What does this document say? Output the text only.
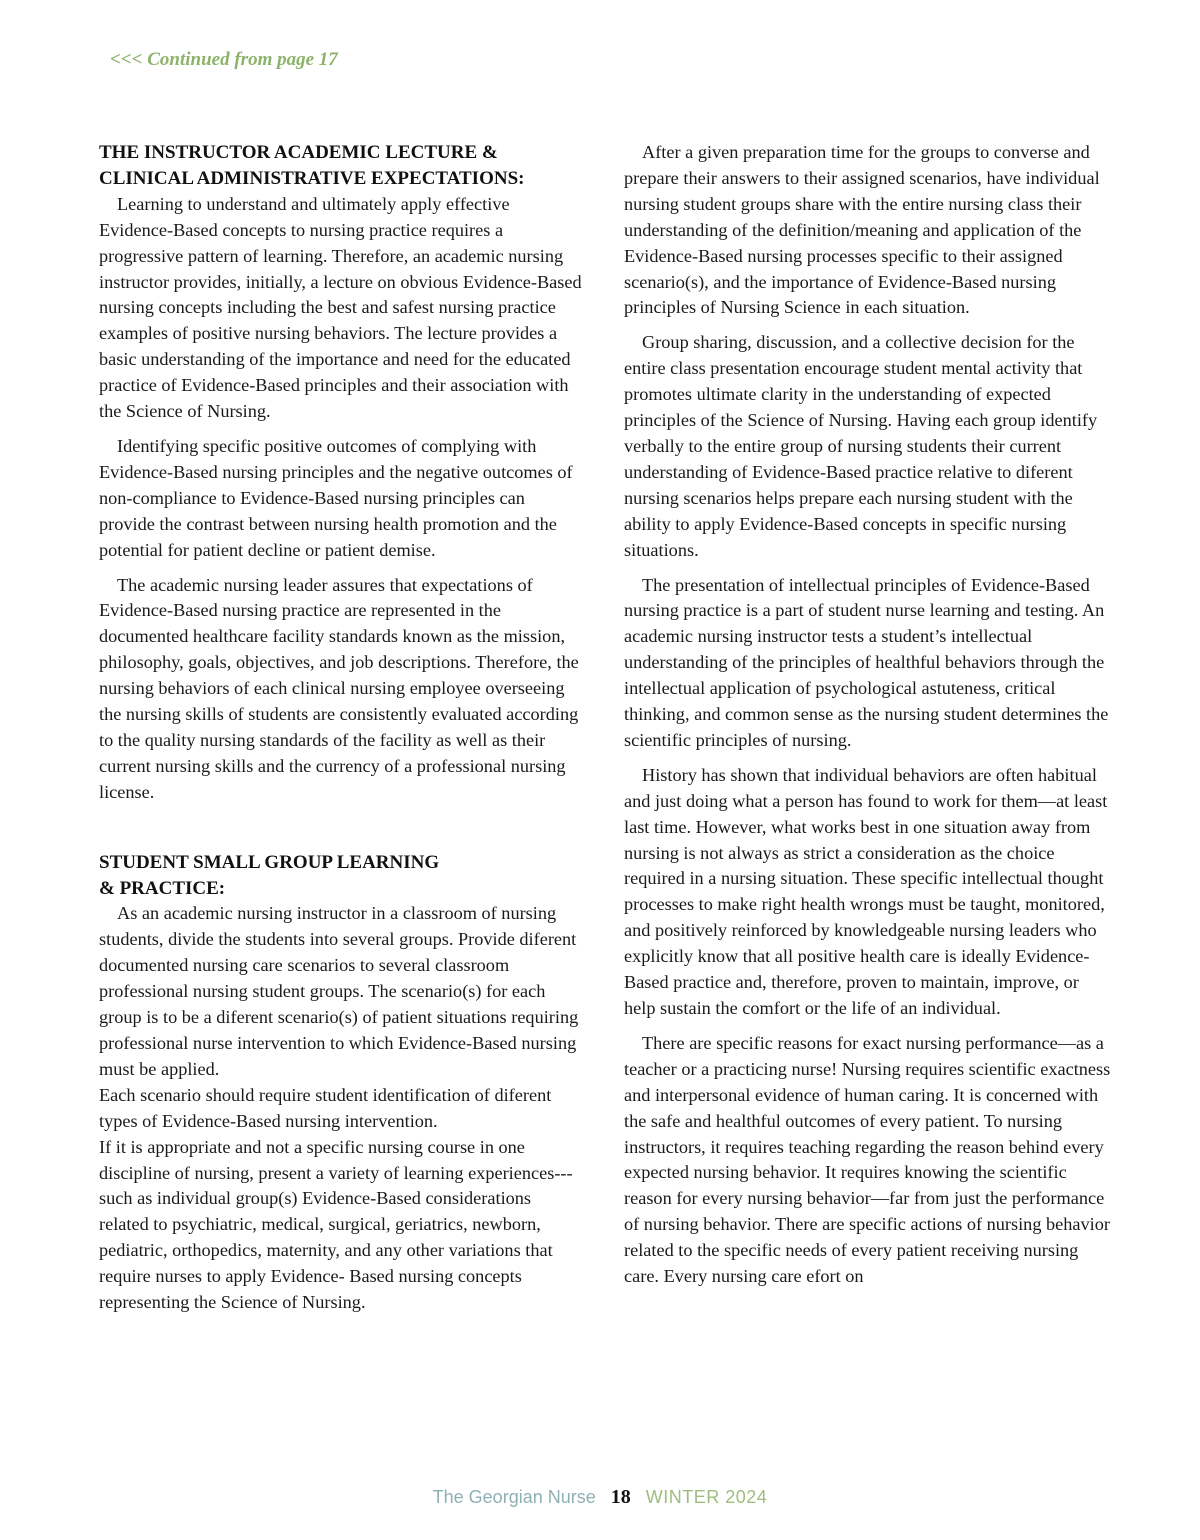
<<< Continued from page 17
THE INSTRUCTOR ACADEMIC LECTURE &
CLINICAL ADMINISTRATIVE EXPECTATIONS:

Learning to understand and ultimately apply effective Evidence-Based concepts to nursing practice requires a progressive pattern of learning. Therefore, an academic nursing instructor provides, initially, a lecture on obvious Evidence-Based nursing concepts including the best and safest nursing practice examples of positive nursing behaviors. The lecture provides a basic understanding of the importance and need for the educated practice of Evidence-Based principles and their association with the Science of Nursing.

Identifying specific positive outcomes of complying with Evidence-Based nursing principles and the negative outcomes of non-compliance to Evidence-Based nursing principles can provide the contrast between nursing health promotion and the potential for patient decline or patient demise.

The academic nursing leader assures that expectations of Evidence-Based nursing practice are represented in the documented healthcare facility standards known as the mission, philosophy, goals, objectives, and job descriptions. Therefore, the nursing behaviors of each clinical nursing employee overseeing the nursing skills of students are consistently evaluated according to the quality nursing standards of the facility as well as their current nursing skills and the currency of a professional nursing license.

STUDENT SMALL GROUP LEARNING
& PRACTICE:

As an academic nursing instructor in a classroom of nursing students, divide the students into several groups. Provide diferent documented nursing care scenarios to several classroom professional nursing student groups. The scenario(s) for each group is to be a diferent scenario(s) of patient situations requiring professional nurse intervention to which Evidence-Based nursing must be applied.

Each scenario should require student identification of diferent types of Evidence-Based nursing intervention.

If it is appropriate and not a specific nursing course in one discipline of nursing, present a variety of learning experiences---such as individual group(s) Evidence-Based considerations related to psychiatric, medical, surgical, geriatrics, newborn, pediatric, orthopedics, maternity, and any other variations that require nurses to apply Evidence- Based nursing concepts representing the Science of Nursing.

After a given preparation time for the groups to converse and prepare their answers to their assigned scenarios, have individual nursing student groups share with the entire nursing class their understanding of the definition/meaning and application of the Evidence-Based nursing processes specific to their assigned scenario(s), and the importance of Evidence-Based nursing principles of Nursing Science in each situation.

Group sharing, discussion, and a collective decision for the entire class presentation encourage student mental activity that promotes ultimate clarity in the understanding of expected principles of the Science of Nursing. Having each group identify verbally to the entire group of nursing students their current understanding of Evidence-Based practice relative to diferent nursing scenarios helps prepare each nursing student with the ability to apply Evidence-Based concepts in specific nursing situations.

The presentation of intellectual principles of Evidence-Based nursing practice is a part of student nurse learning and testing. An academic nursing instructor tests a student’s intellectual understanding of the principles of healthful behaviors through the intellectual application of psychological astuteness, critical thinking, and common sense as the nursing student determines the scientific principles of nursing.

History has shown that individual behaviors are often habitual and just doing what a person has found to work for them—at least last time. However, what works best in one situation away from nursing is not always as strict a consideration as the choice required in a nursing situation. These specific intellectual thought processes to make right health wrongs must be taught, monitored, and positively reinforced by knowledgeable nursing leaders who explicitly know that all positive health care is ideally Evidence-Based practice and, therefore, proven to maintain, improve, or help sustain the comfort or the life of an individual.

There are specific reasons for exact nursing performance—as a teacher or a practicing nurse! Nursing requires scientific exactness and interpersonal evidence of human caring. It is concerned with the safe and healthful outcomes of every patient. To nursing instructors, it requires teaching regarding the reason behind every expected nursing behavior. It requires knowing the scientific reason for every nursing behavior—far from just the performance of nursing behavior. There are specific actions of nursing behavior related to the specific needs of every patient receiving nursing care. Every nursing care efort on

The Georgian Nurse 18 WINTER 2024
